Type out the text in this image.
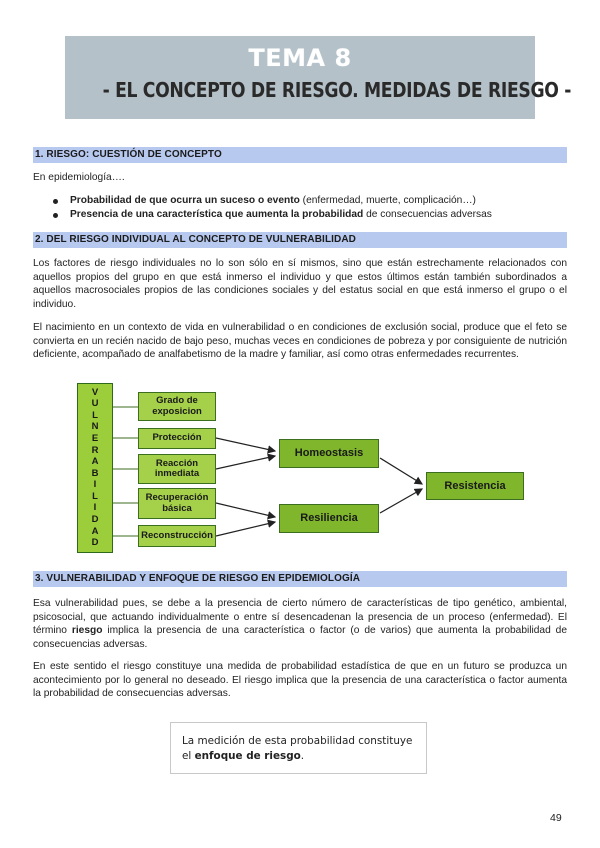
TEMA 8
- EL CONCEPTO DE RIESGO. MEDIDAS DE RIESGO -
1. RIESGO: CUESTIÓN DE CONCEPTO
En epidemiología….
Probabilidad de que ocurra un suceso o evento (enfermedad, muerte, complicación…)
Presencia de una característica que aumenta la probabilidad de consecuencias adversas
2. DEL RIESGO INDIVIDUAL AL CONCEPTO DE VULNERABILIDAD
Los factores de riesgo individuales no lo son sólo en sí mismos, sino que están estrechamente relacionados con aquellos propios del grupo en que está inmerso el individuo y que estos últimos están también subordinados a aquellos macrosociales propios de las condiciones sociales y del estatus social en que está inmerso el grupo o el individuo.
El nacimiento en un contexto de vida en vulnerabilidad o en condiciones de exclusión social, produce que el feto se convierta en un recién nacido de bajo peso, muchas veces en condiciones de pobreza y por consiguiente de nutrición deficiente, acompañado de analfabetismo de la madre y familiar, así como otras enfermedades recurrentes.
V
U
L
N
E
R
A
B
I
L
I
D
A
D
Grado de exposicion
Protección
Reacción inmediata
Recuperación básica
Reconstrucción
Homeostasis
Resiliencia
Resistencia
3. VULNERABILIDAD Y ENFOQUE DE RIESGO EN EPIDEMIOLOGÍA
Esa vulnerabilidad pues, se debe a la presencia de cierto número de características de tipo genético, ambiental, psicosocial, que actuando individualmente o entre sí desencadenan la presencia de un proceso (enfermedad). El término riesgo implica la presencia de una característica o factor (o de varios) que aumenta la probabilidad de consecuencias adversas.
En este sentido el riesgo constituye una medida de probabilidad estadística de que en un futuro se produzca un acontecimiento por lo general no deseado. El riesgo implica que la presencia de una característica o factor aumenta la probabilidad de consecuencias adversas.
La medición de esta probabilidad constituye el enfoque de riesgo.
49
